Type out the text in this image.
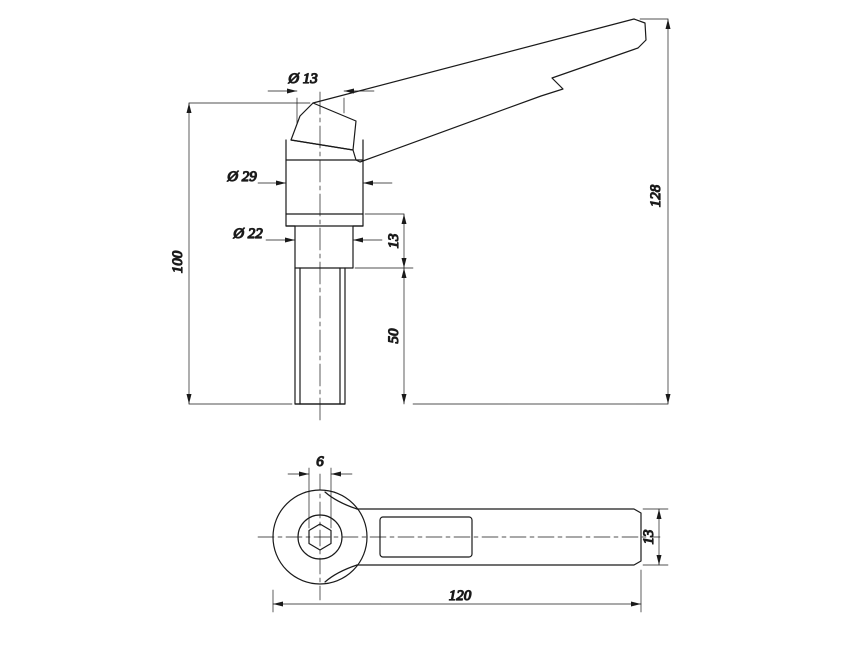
Ø 13
Ø 29
Ø 22
100
128
13
50
6
120
13
